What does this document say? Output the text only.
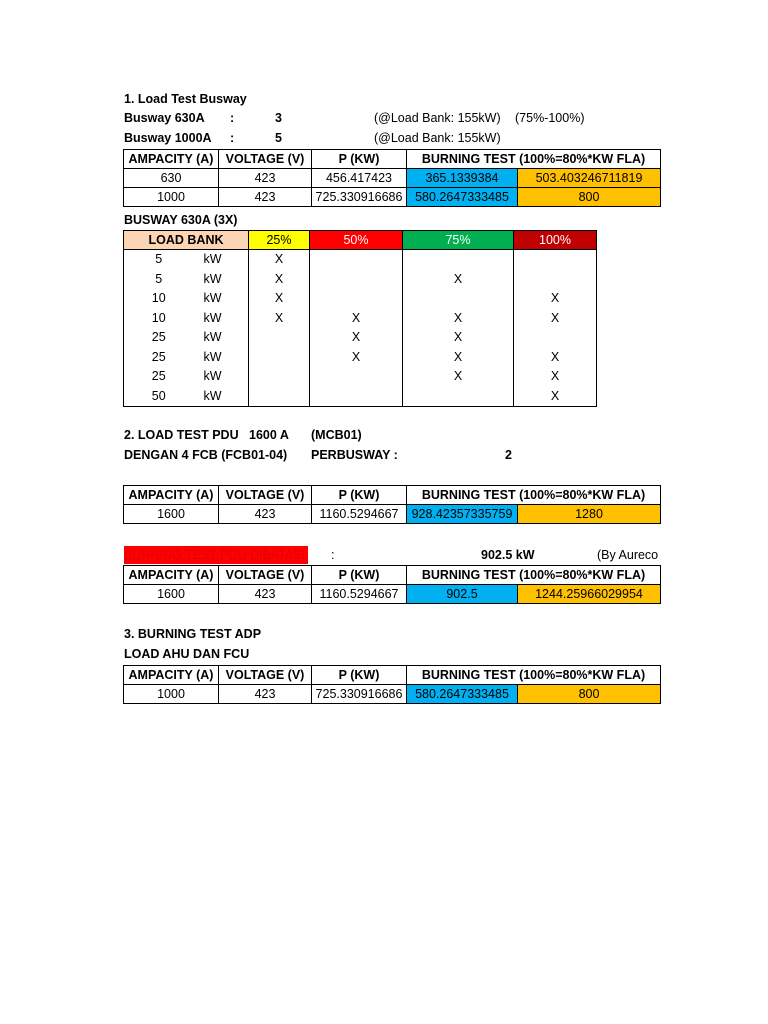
1. Load Test Busway
Busway 630A :	3	(@Load Bank: 155kW) (75%-100%)
Busway 1000A :	5	(@Load Bank: 155kW)
AMPACITY (A)	VOLTAGE (V)	P (KW)	BURNING TEST (100%=80%*KW FLA)	
630	423	456.417423	365.1339384	503.403246711819
1000	423	725.330916686	580.2647333485	800
BUSWAY 630A (3X)
LOAD BANK		25%	50%	75%	100%
5	kW	X			
5	kW	X		X	
10	kW	X			X
10	kW	X	X	X	X
25	kW		X	X	
25	kW		X	X	X
25	kW			X	X
50	kW				X
2. LOAD TEST PDU 1600 A (MCB01)
DENGAN 4 FCB (FCB01-04) PERBUSWAY :	2
AMPACITY (A)	VOLTAGE (V)	P (KW)	BURNING TEST (100%=80%*KW FLA)	
1600	423	1160.5294667	928.42357335759	1280
BURNING TEST PDU DIBATASI :	902.5 kW	(By Aureco
AMPACITY (A)	VOLTAGE (V)	P (KW)	BURNING TEST (100%=80%*KW FLA)	
1600	423	1160.5294667	902.5	1244.25966029954
3. BURNING TEST ADP
LOAD AHU DAN FCU
AMPACITY (A)	VOLTAGE (V)	P (KW)	BURNING TEST (100%=80%*KW FLA)	
1000	423	725.330916686	580.2647333485	800
